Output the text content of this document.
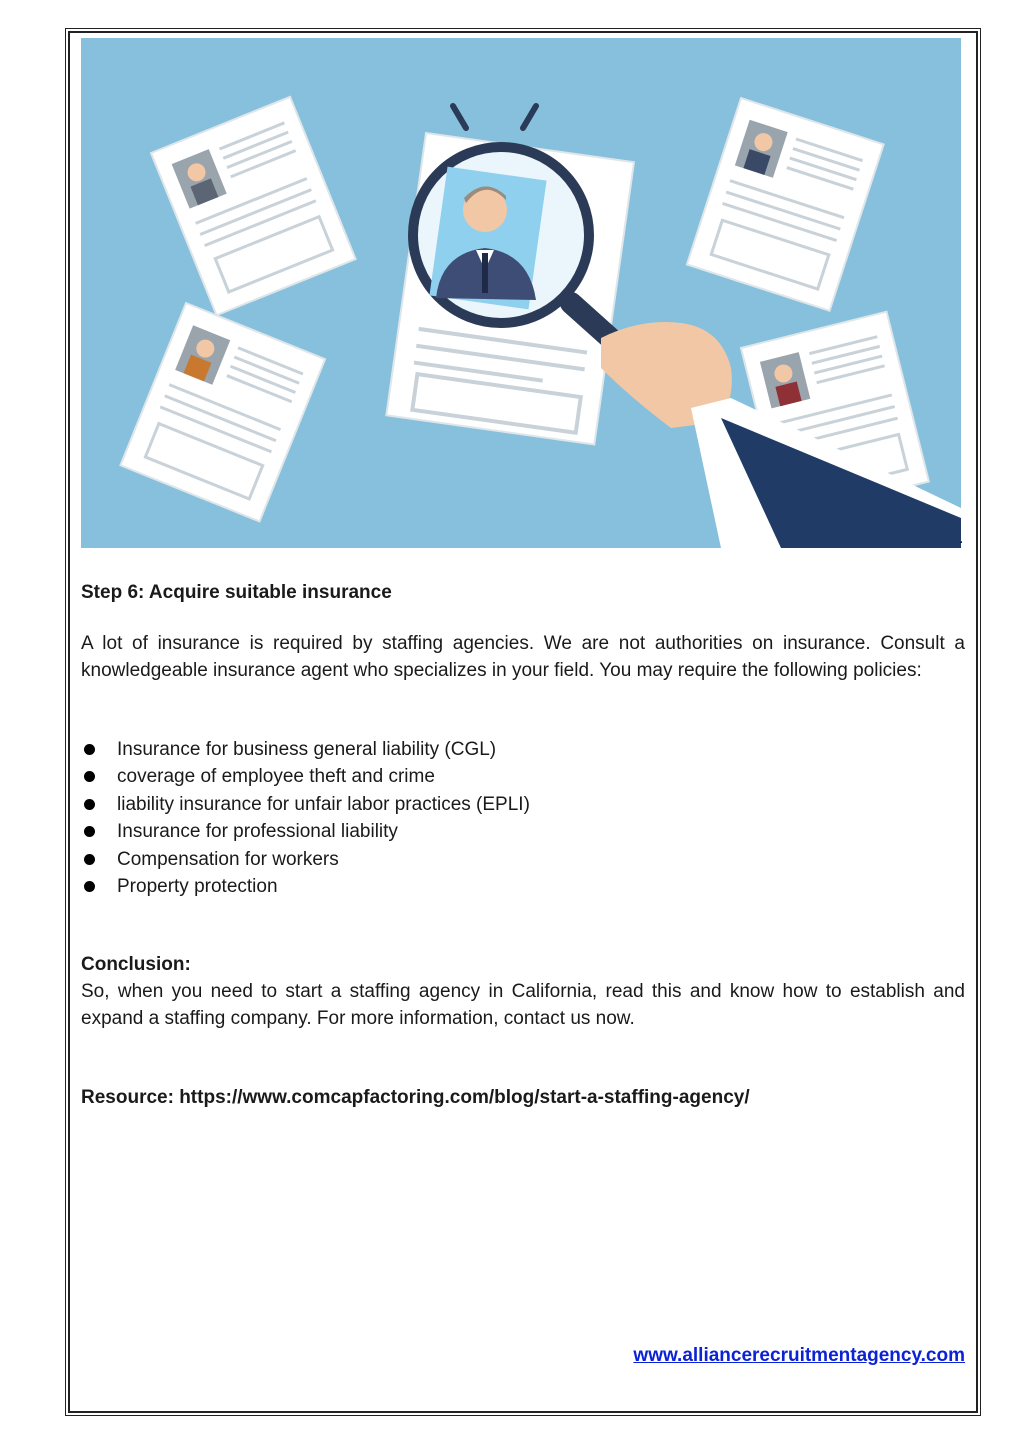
.
Step 6: Acquire suitable insurance
A lot of insurance is required by staffing agencies. We are not authorities on insurance. Consult a knowledgeable insurance agent who specializes in your field. You may require the following policies:
Insurance for business general liability (CGL)
coverage of employee theft and crime
liability insurance for unfair labor practices (EPLI)
Insurance for professional liability
Compensation for workers
Property protection
Conclusion:
So, when you need to start a staffing agency in California, read this and know how to establish and expand a staffing company. For more information, contact us now.
Resource: https://www.comcapfactoring.com/blog/start-a-staffing-agency/
www.alliancerecruitmentagency.com
